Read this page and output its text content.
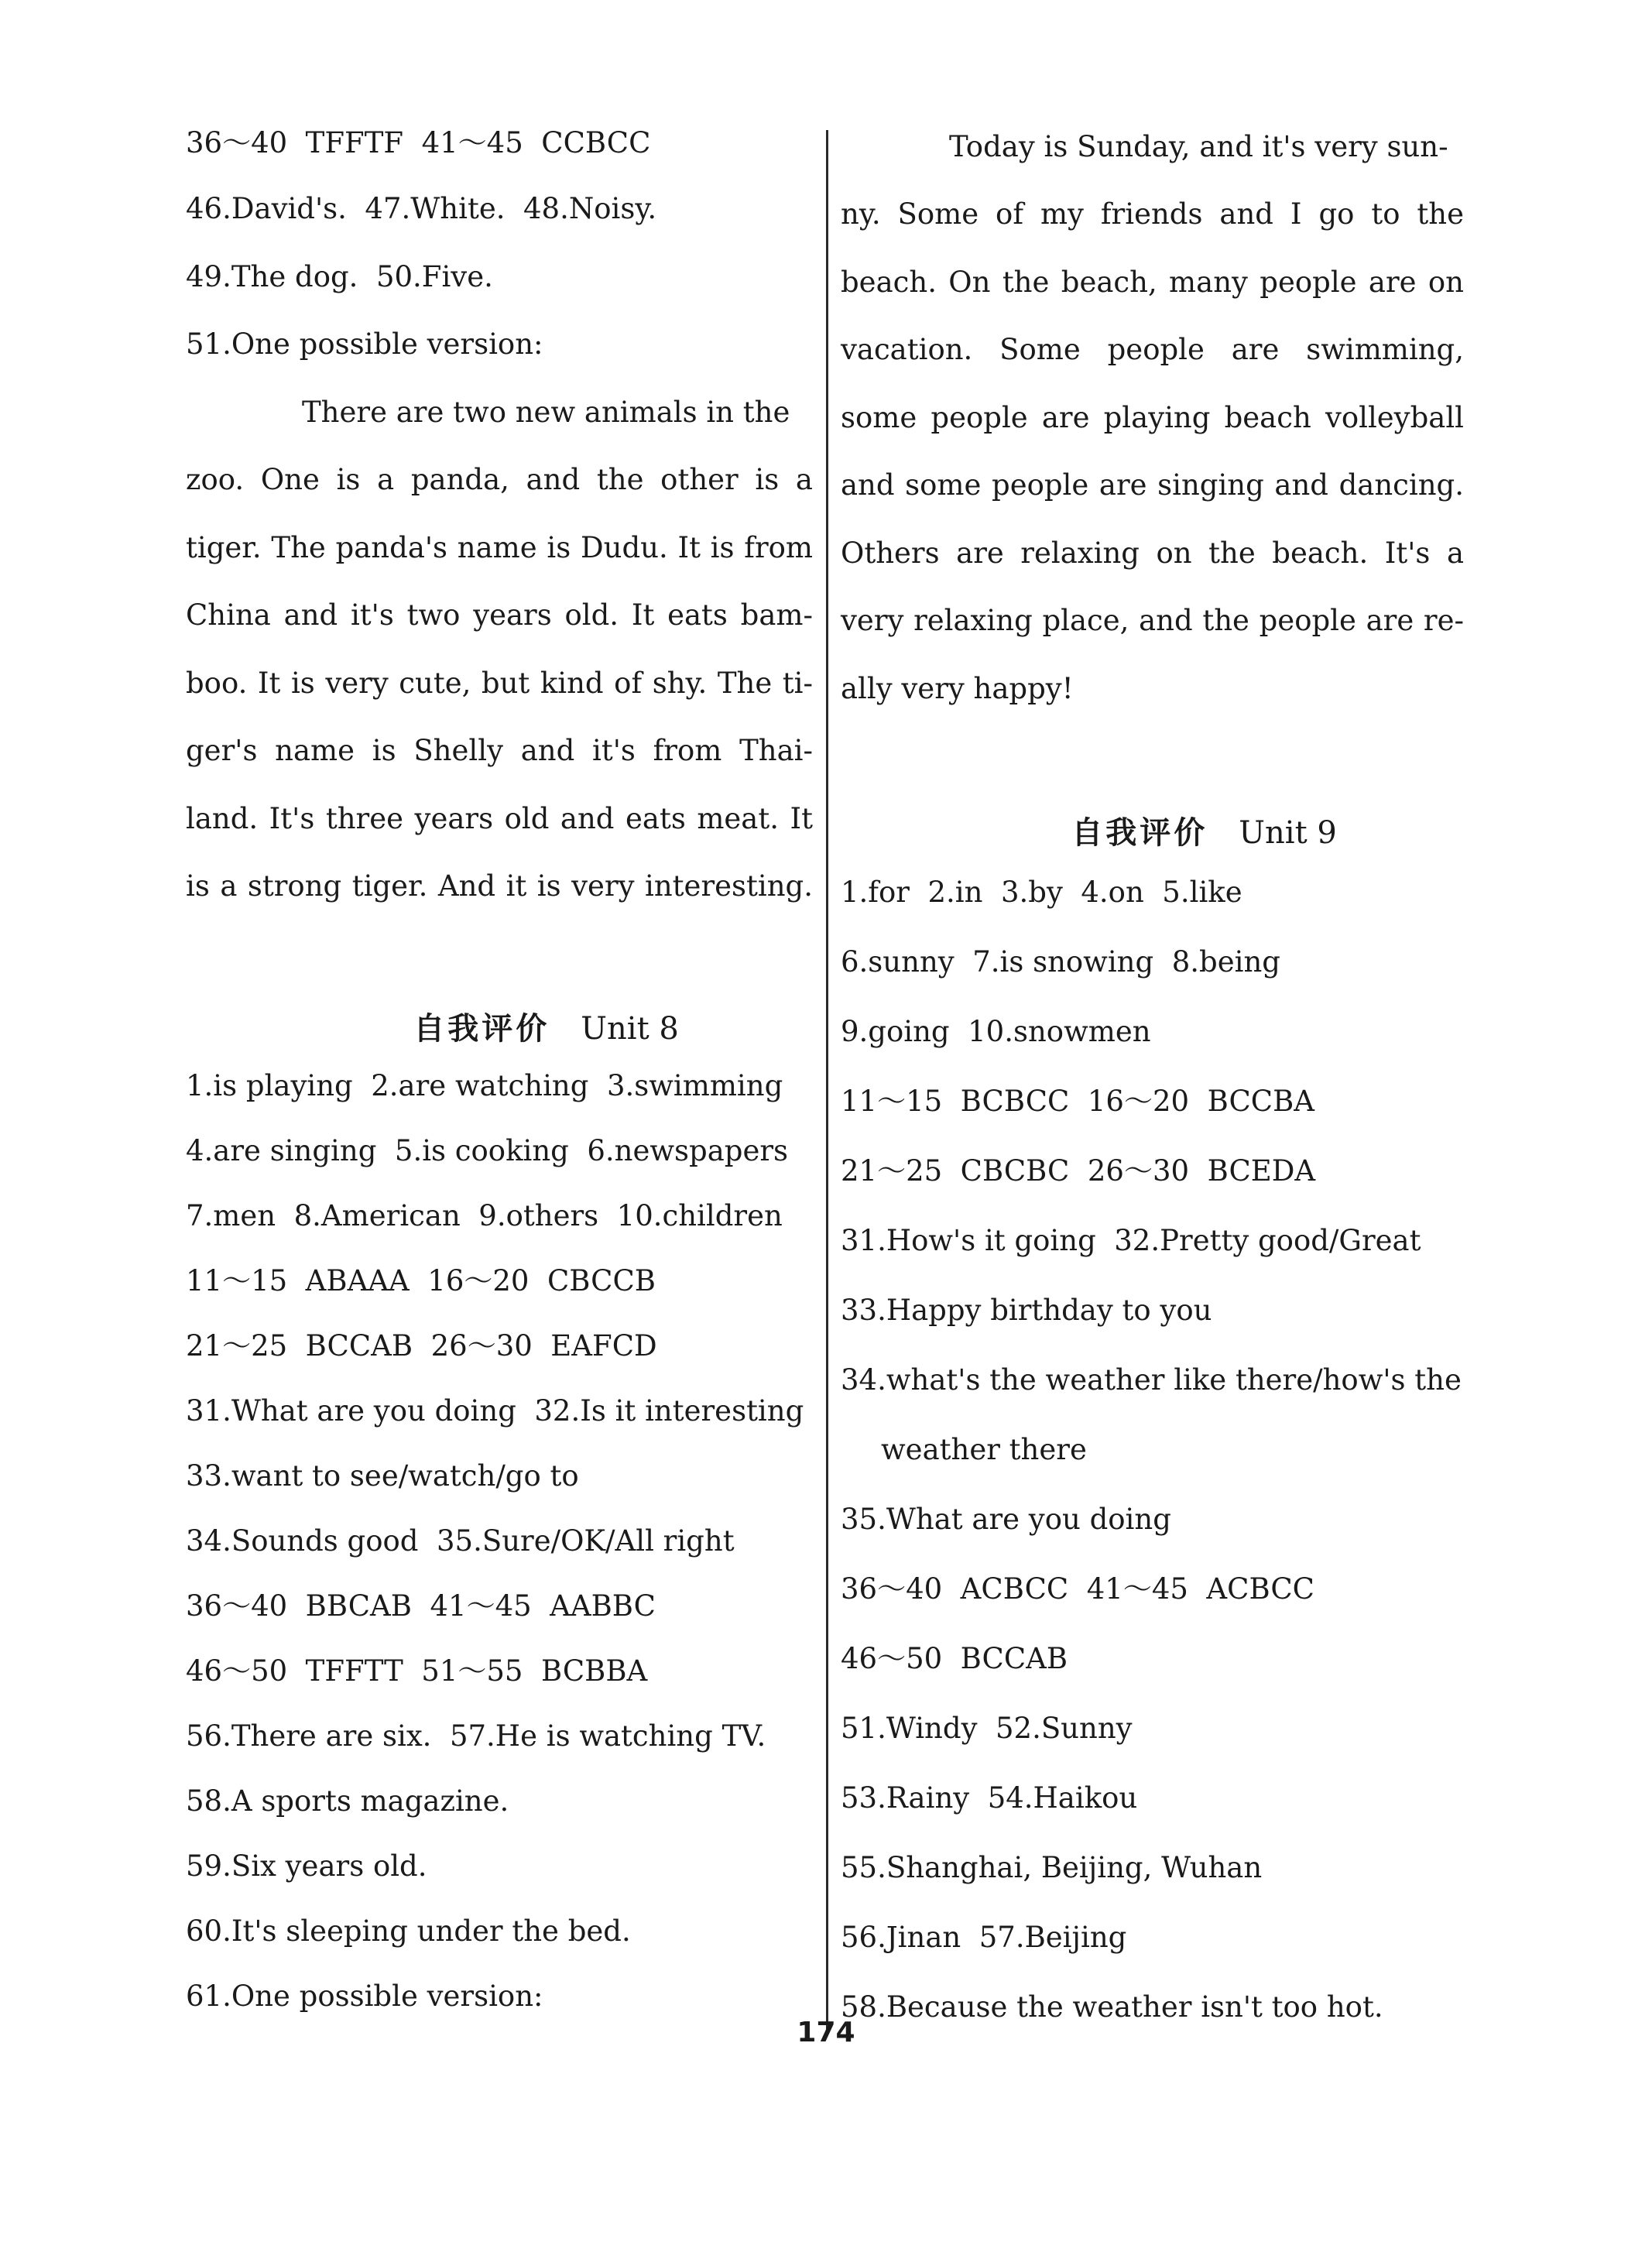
36～40  TFFTF  41～45  CCBCC
46.David's.  47.White.  48.Noisy.
49.The dog.  50.Five.
51.One possible version:
There are two new animals in the
zoo. One is a panda, and the other is a
tiger. The panda's name is Dudu. It is from
China and it's two years old. It eats bam-
boo. It is very cute, but kind of shy. The ti-
ger's name is Shelly and it's from Thai-
land. It's three years old and eats meat. It
is a strong tiger. And it is very interesting.

自我评价 Unit 8

1.is playing  2.are watching  3.swimming
4.are singing  5.is cooking  6.newspapers
7.men  8.American  9.others  10.children
11～15  ABAAA  16～20  CBCCB
21～25  BCCAB  26～30  EAFCD
31.What are you doing  32.Is it interesting
33.want to see/watch/go to
34.Sounds good  35.Sure/OK/All right
36～40  BBCAB  41～45  AABBC
46～50  TFFTT  51～55  BCBBA
56.There are six.  57.He is watching TV.
58.A sports magazine.
59.Six years old.
60.It's sleeping under the bed.
61.One possible version:
Today is Sunday, and it's very sun-
ny. Some of my friends and I go to the
beach. On the beach, many people are on
vacation. Some people are swimming,
some people are playing beach volleyball
and some people are singing and dancing.
Others are relaxing on the beach. It's a
very relaxing place, and the people are re-
ally very happy!

自我评价 Unit 9

1.for  2.in  3.by  4.on  5.like
6.sunny  7.is snowing  8.being
9.going  10.snowmen
11～15  BCBCC  16～20  BCCBA
21～25  CBCBC  26～30  BCEDA
31.How's it going  32.Pretty good/Great
33.Happy birthday to you
34.what's the weather like there/how's the
weather there
35.What are you doing
36～40  ACBCC  41～45  ACBCC
46～50  BCCAB
51.Windy  52.Sunny
53.Rainy  54.Haikou
55.Shanghai, Beijing, Wuhan
56.Jinan  57.Beijing
58.Because the weather isn't too hot.
174
